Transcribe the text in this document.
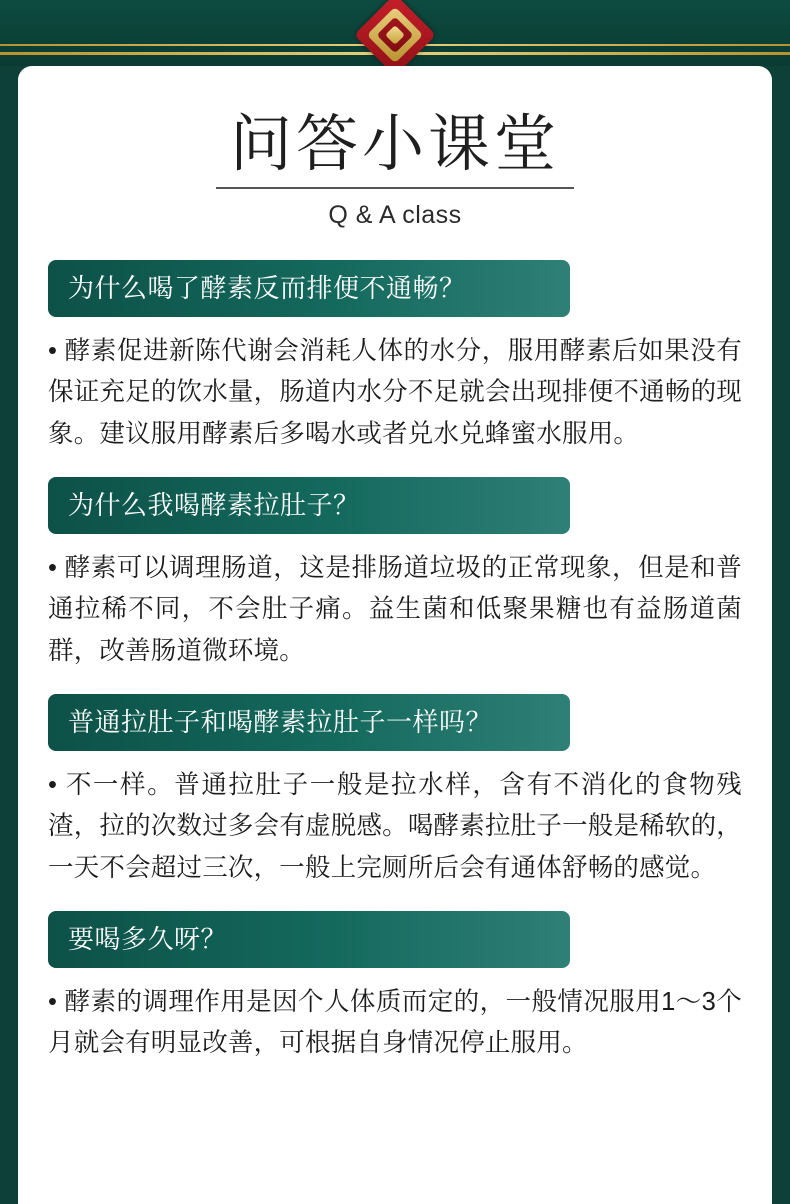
问答小课堂
Q & A class
为什么喝了酵素反而排便不通畅？

• 酵素促进新陈代谢会消耗人体的水分，服用酵素后如果没有保证充足的饮水量，肠道内水分不足就会出现排便不通畅的现象。建议服用酵素后多喝水或者兑水兑蜂蜜水服用。

为什么我喝酵素拉肚子？

• 酵素可以调理肠道，这是排肠道垃圾的正常现象，但是和普通拉稀不同，不会肚子痛。益生菌和低聚果糖也有益肠道菌群，改善肠道微环境。

普通拉肚子和喝酵素拉肚子一样吗？

• 不一样。普通拉肚子一般是拉水样，含有不消化的食物残渣，拉的次数过多会有虚脱感。喝酵素拉肚子一般是稀软的，一天不会超过三次，一般上完厕所后会有通体舒畅的感觉。

要喝多久呀？

• 酵素的调理作用是因个人体质而定的，一般情况服用1～3个月就会有明显改善，可根据自身情况停止服用。
